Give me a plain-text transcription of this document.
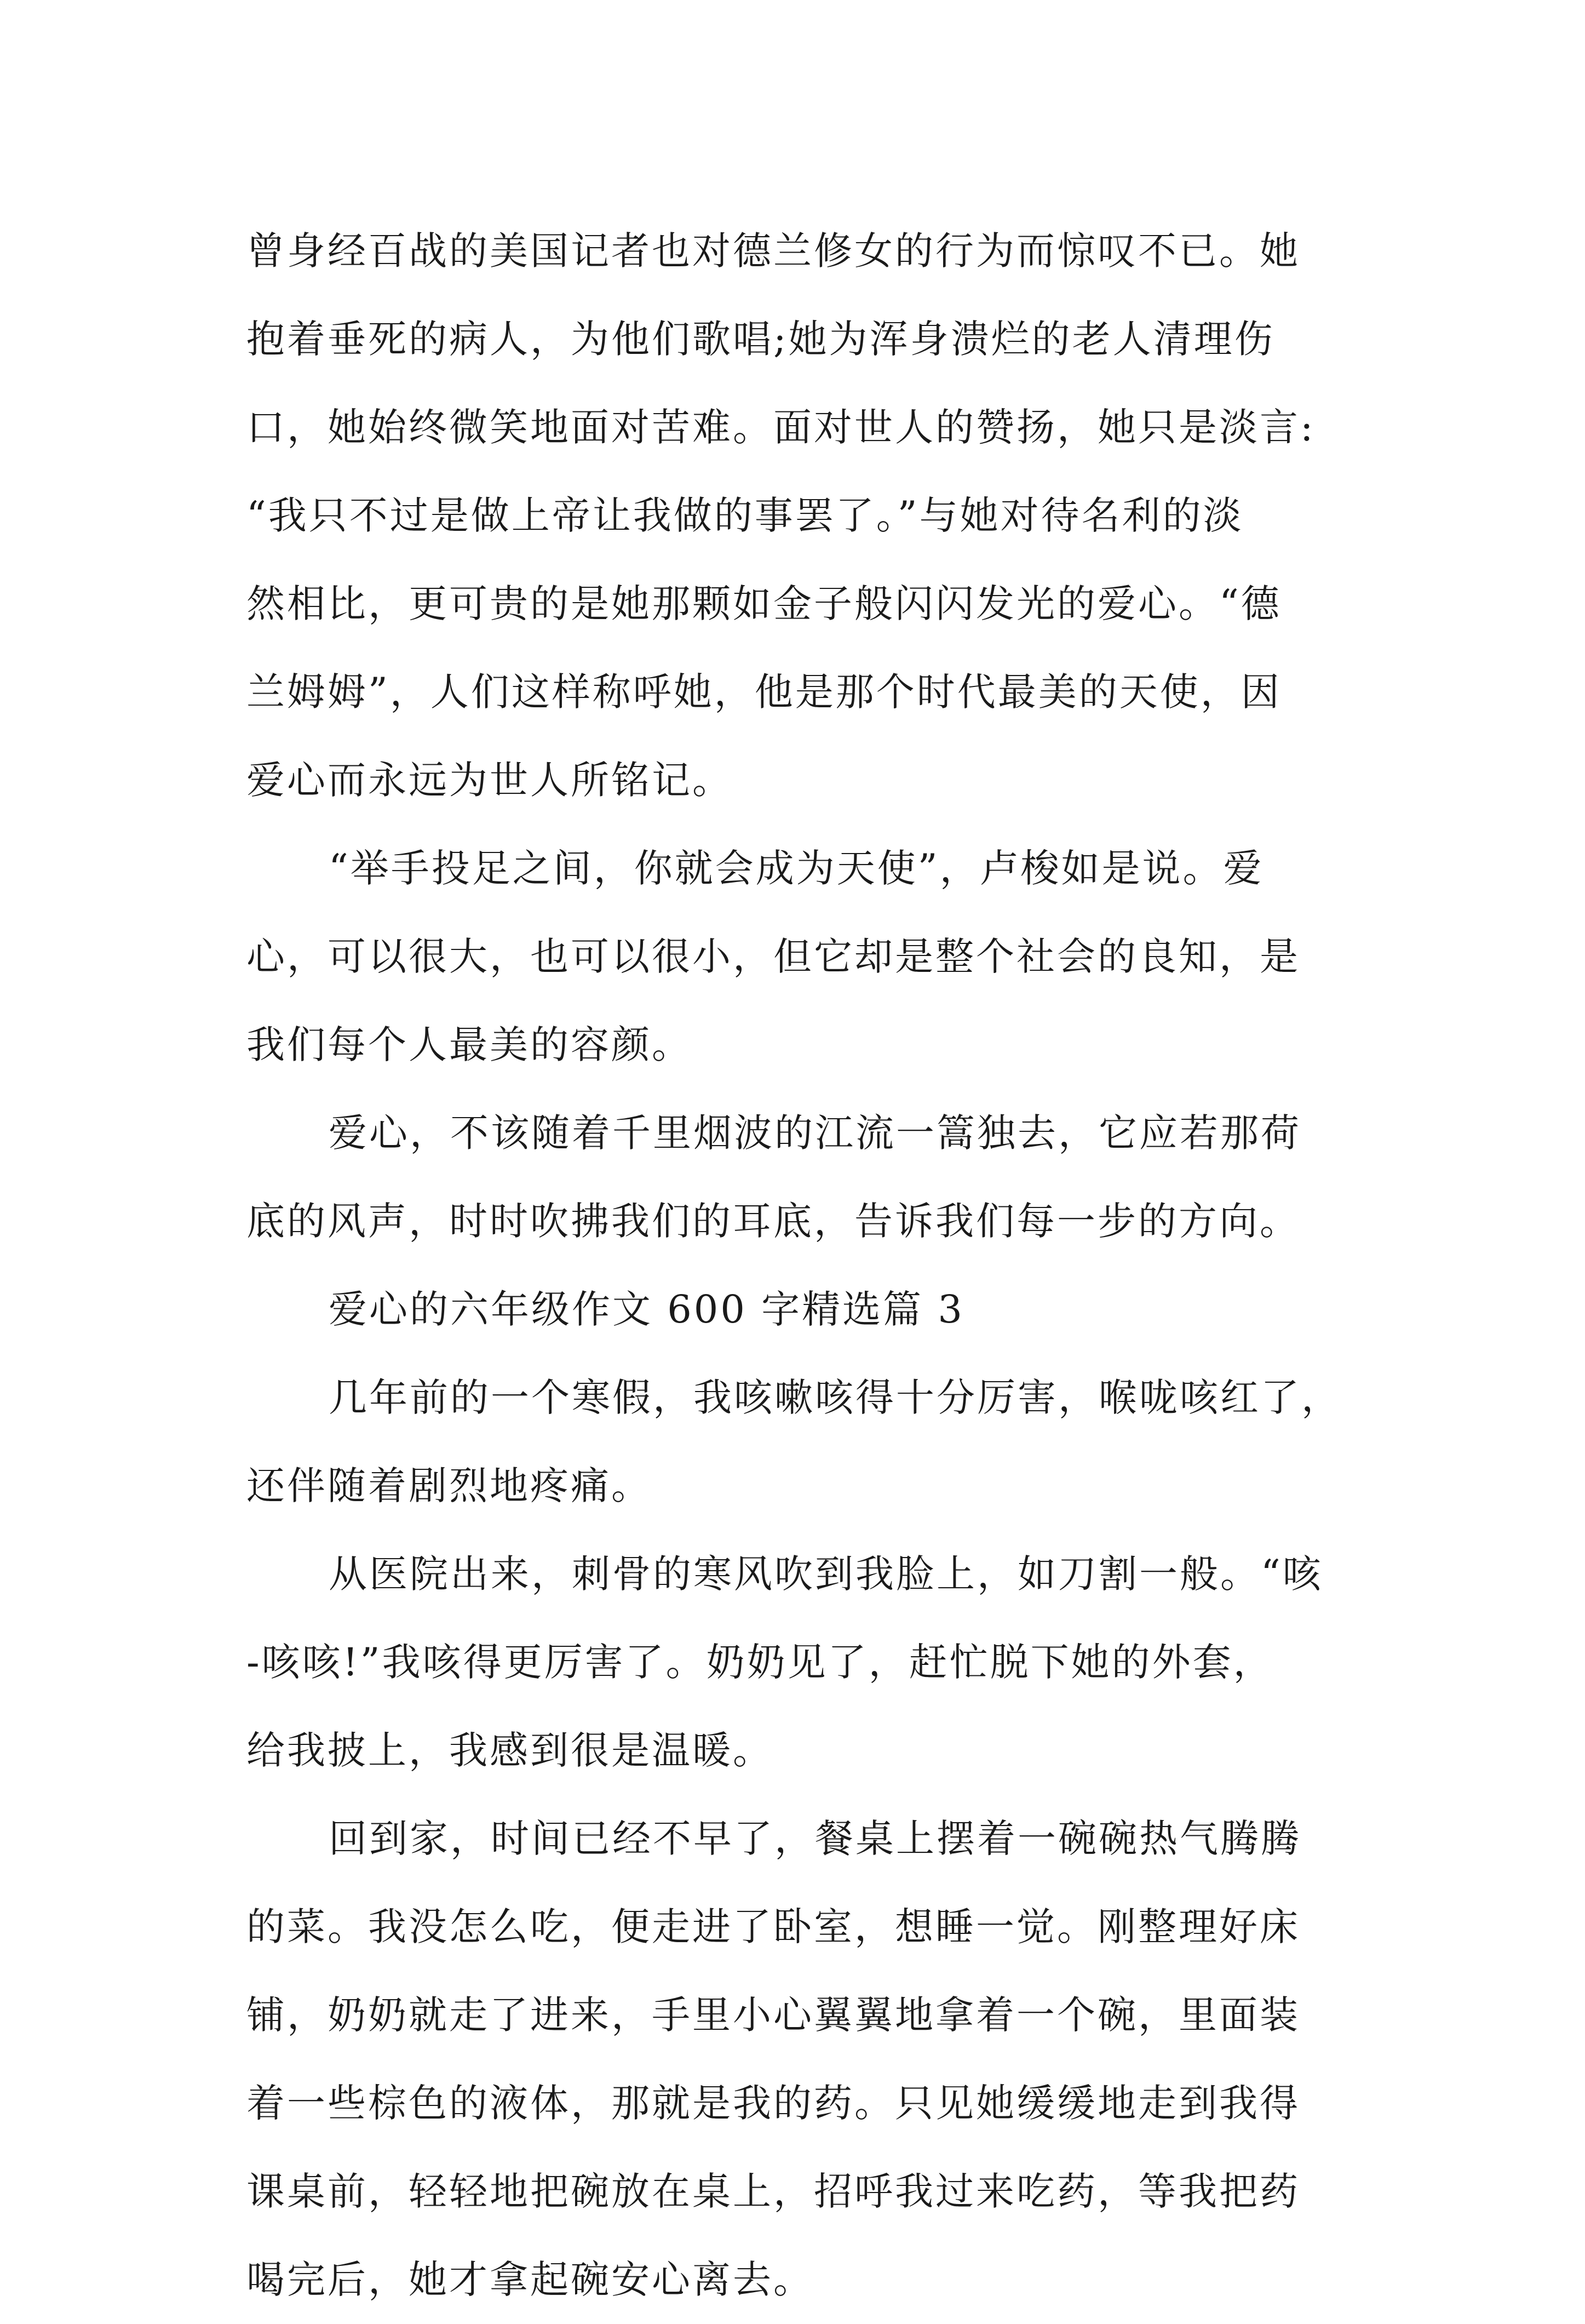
曾身经百战的美国记者也对德兰修女的行为而惊叹不已。她
抱着垂死的病人，为他们歌唱;她为浑身溃烂的老人清理伤
口，她始终微笑地面对苦难。面对世人的赞扬，她只是淡言:
“我只不过是做上帝让我做的事罢了。”与她对待名利的淡
然相比，更可贵的是她那颗如金子般闪闪发光的爱心。“德
兰姆姆”，人们这样称呼她，他是那个时代最美的天使，因
爱心而永远为世人所铭记。
“举手投足之间，你就会成为天使”，卢梭如是说。爱
心，可以很大，也可以很小，但它却是整个社会的良知，是
我们每个人最美的容颜。
爱心，不该随着千里烟波的江流一篙独去，它应若那荷
底的风声，时时吹拂我们的耳底，告诉我们每一步的方向。
爱心的六年级作文 600 字精选篇 3
几年前的一个寒假，我咳嗽咳得十分厉害，喉咙咳红了，
还伴随着剧烈地疼痛。
从医院出来，刺骨的寒风吹到我脸上，如刀割一般。“咳
-咳咳!”我咳得更厉害了。奶奶见了，赶忙脱下她的外套，
给我披上，我感到很是温暖。
回到家，时间已经不早了，餐桌上摆着一碗碗热气腾腾
的菜。我没怎么吃，便走进了卧室，想睡一觉。刚整理好床
铺，奶奶就走了进来，手里小心翼翼地拿着一个碗，里面装
着一些棕色的液体，那就是我的药。只见她缓缓地走到我得
课桌前，轻轻地把碗放在桌上，招呼我过来吃药，等我把药
喝完后，她才拿起碗安心离去。
